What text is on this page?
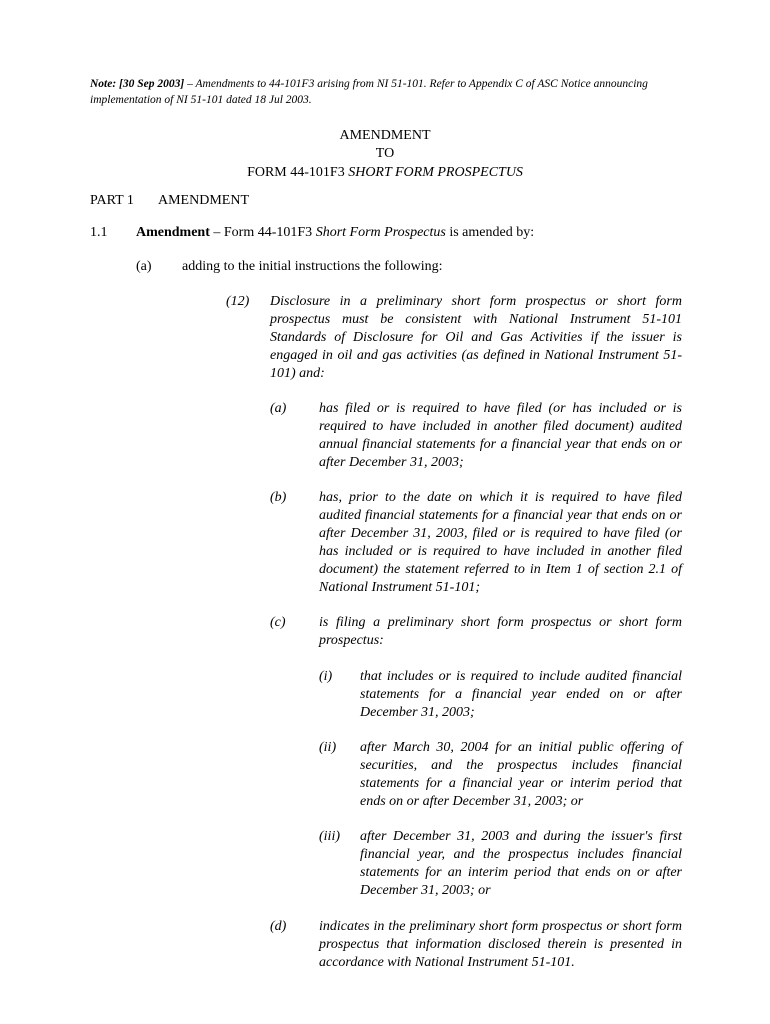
Note: [30 Sep 2003] – Amendments to 44-101F3 arising from NI 51-101. Refer to Appendix C of ASC Notice announcing implementation of NI 51-101 dated 18 Jul 2003.
AMENDMENT
TO
FORM 44-101F3 SHORT FORM PROSPECTUS
PART 1 AMENDMENT
1.1 Amendment – Form 44-101F3 Short Form Prospectus is amended by:
(a) adding to the initial instructions the following:
(12) Disclosure in a preliminary short form prospectus or short form prospectus must be consistent with National Instrument 51-101 Standards of Disclosure for Oil and Gas Activities if the issuer is engaged in oil and gas activities (as defined in National Instrument 51-101) and:
(a) has filed or is required to have filed (or has included or is required to have included in another filed document) audited annual financial statements for a financial year that ends on or after December 31, 2003;
(b) has, prior to the date on which it is required to have filed audited financial statements for a financial year that ends on or after December 31, 2003, filed or is required to have filed (or has included or is required to have included in another filed document) the statement referred to in Item 1 of section 2.1 of National Instrument 51-101;
(c) is filing a preliminary short form prospectus or short form prospectus:
(i) that includes or is required to include audited financial statements for a financial year ended on or after December 31, 2003;
(ii) after March 30, 2004 for an initial public offering of securities, and the prospectus includes financial statements for a financial year or interim period that ends on or after December 31, 2003; or
(iii) after December 31, 2003 and during the issuer's first financial year, and the prospectus includes financial statements for an interim period that ends on or after December 31, 2003; or
(d) indicates in the preliminary short form prospectus or short form prospectus that information disclosed therein is presented in accordance with National Instrument 51-101.
